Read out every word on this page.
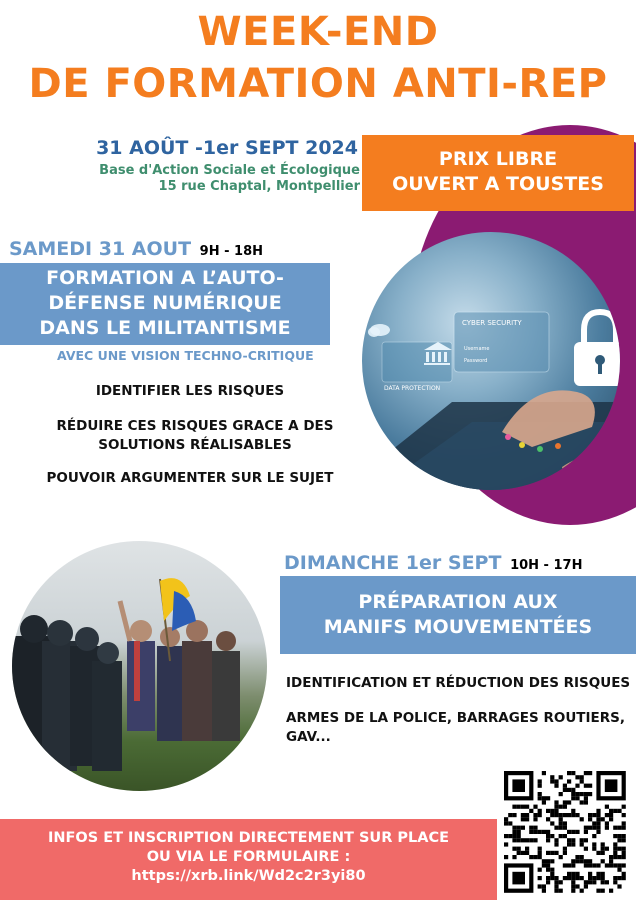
WEEK-END
DE FORMATION ANTI-REP
31 AOÛT -1er SEPT 2024
Base d'Action Sociale et Écologique
15 rue Chaptal, Montpellier
PRIX LIBRE
OUVERT A TOUSTES
SAMEDI 31 AOUT 9H - 18H
FORMATION A L’AUTO-
DÉFENSE NUMÉRIQUE
DANS LE MILITANTISME
AVEC UNE VISION TECHNO-CRITIQUE
IDENTIFIER LES RISQUES
RÉDUIRE CES RISQUES GRACE A DES
SOLUTIONS RÉALISABLES
POUVOIR ARGUMENTER SUR LE SUJET
CYBER SECURITY
Username
Password
DATA PROTECTION
DIMANCHE 1er SEPT 10H - 17H
PRÉPARATION AUX
MANIFS MOUVEMENTÉES
IDENTIFICATION ET RÉDUCTION DES RISQUES
ARMES DE LA POLICE, BARRAGES ROUTIERS,
GAV...
INFOS ET INSCRIPTION DIRECTEMENT SUR PLACE
OU VIA LE FORMULAIRE :
https://xrb.link/Wd2c2r3yi80
